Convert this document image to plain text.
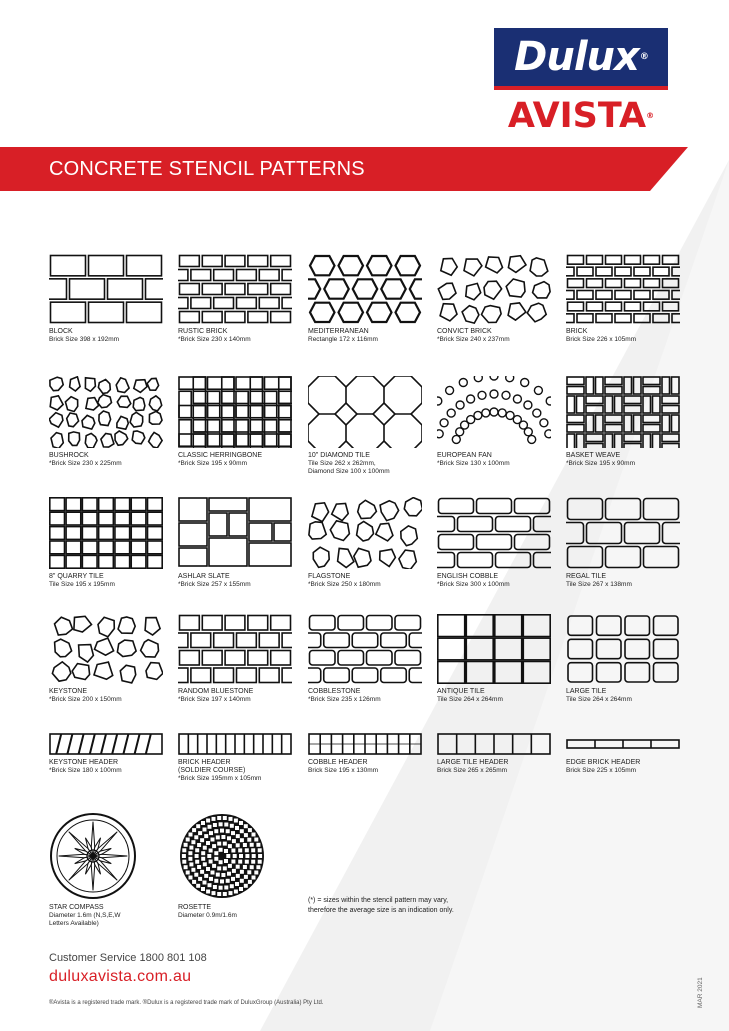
Dulux ®
AVISTA®
CONCRETE STENCIL PATTERNS
BLOCK
Brick Size 398 x 192mm
RUSTIC BRICK
*Brick Size 230 x 140mm
MEDITERRANEAN
Rectangle 172 x 116mm
CONVICT BRICK
*Brick Size 240 x 237mm
BRICK
Brick Size 226 x 105mm
BUSHROCK
*Brick Size 230 x 225mm
CLASSIC HERRINGBONE
*Brick Size 195 x 90mm
10" DIAMOND TILE
Tile Size 262 x 262mm,
Diamond Size 100 x 100mm
EUROPEAN FAN
*Brick Size 130 x 100mm
BASKET WEAVE
*Brick Size 195 x 90mm
8" QUARRY TILE
Tile Size 195 x 195mm
ASHLAR SLATE
*Brick Size 257 x 155mm
FLAGSTONE
*Brick Size 250 x 180mm
ENGLISH COBBLE
*Brick Size 300 x 100mm
REGAL TILE
Tile Size 267 x 138mm
KEYSTONE
*Brick Size 200 x 150mm
RANDOM BLUESTONE
*Brick Size 197 x 140mm
COBBLESTONE
*Brick Size 235 x 126mm
ANTIQUE TILE
Tile Size 264 x 264mm
LARGE TILE
Tile Size 264 x 264mm
KEYSTONE HEADER
*Brick Size 180 x 100mm
BRICK HEADER
(SOLDIER COURSE)
*Brick Size 195mm x 105mm
COBBLE HEADER
Brick Size 195 x 130mm
LARGE TILE HEADER
Brick Size 265 x 265mm
EDGE BRICK HEADER
Brick Size 225 x 105mm
STAR COMPASS
Diameter 1.6m (N,S,E,W
Letters Available)
ROSETTE
Diameter 0.9m/1.6m
(*) = sizes within the stencil pattern may vary, therefore the average size is an indication only.
Customer Service 1800 801 108
duluxavista.com.au
®Avista is a registered trade mark. ®Dulux is a registered trade mark of DuluxGroup (Australia) Pty Ltd.	MAR 2021
